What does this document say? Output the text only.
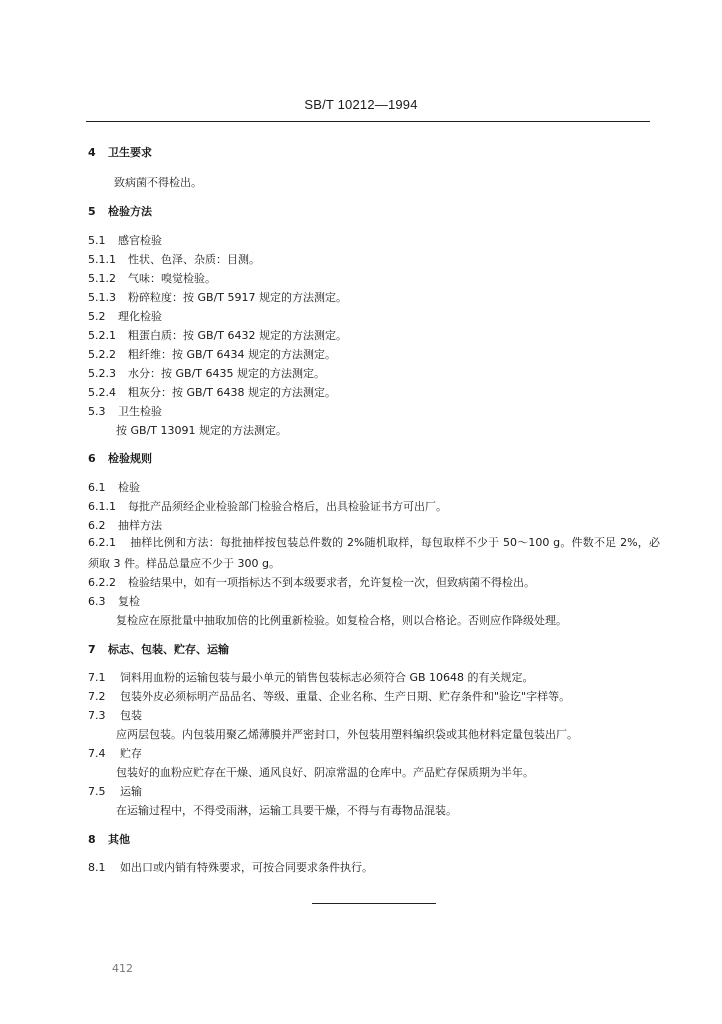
SB/T 10212—1994
4 卫生要求
致病菌不得检出。
5 检验方法
5.1 感官检验
5.1.1 性状、色泽、杂质：目测。
5.1.2 气味：嗅觉检验。
5.1.3 粉碎粒度：按 GB/T 5917 规定的方法测定。
5.2 理化检验
5.2.1 粗蛋白质：按 GB/T 6432 规定的方法测定。
5.2.2 粗纤维：按 GB/T 6434 规定的方法测定。
5.2.3 水分：按 GB/T 6435 规定的方法测定。
5.2.4 粗灰分：按 GB/T 6438 规定的方法测定。
5.3 卫生检验
按 GB/T 13091 规定的方法测定。
6 检验规则
6.1 检验
6.1.1 每批产品须经企业检验部门检验合格后，出具检验证书方可出厂。
6.2 抽样方法
6.2.1 抽样比例和方法：每批抽样按包装总件数的 2%随机取样，每包取样不少于 50～100 g。件数不足 2%，必须取 3 件。样品总量应不少于 300 g。
6.2.2 检验结果中，如有一项指标达不到本级要求者，允许复检一次，但致病菌不得检出。
6.3 复检
复检应在原批量中抽取加倍的比例重新检验。如复检合格，则以合格论。否则应作降级处理。
7 标志、包装、贮存、运输
7.1 饲料用血粉的运输包装与最小单元的销售包装标志必须符合 GB 10648 的有关规定。
7.2 包装外皮必须标明产品品名、等级、重量、企业名称、生产日期、贮存条件和"验讫"字样等。
7.3 包装
应两层包装。内包装用聚乙烯薄膜并严密封口，外包装用塑料编织袋或其他材料定量包装出厂。
7.4 贮存
包装好的血粉应贮存在干燥、通风良好、阴凉常温的仓库中。产品贮存保质期为半年。
7.5 运输
在运输过程中，不得受雨淋，运输工具要干燥，不得与有毒物品混装。
8 其他
8.1 如出口或内销有特殊要求，可按合同要求条件执行。
412
